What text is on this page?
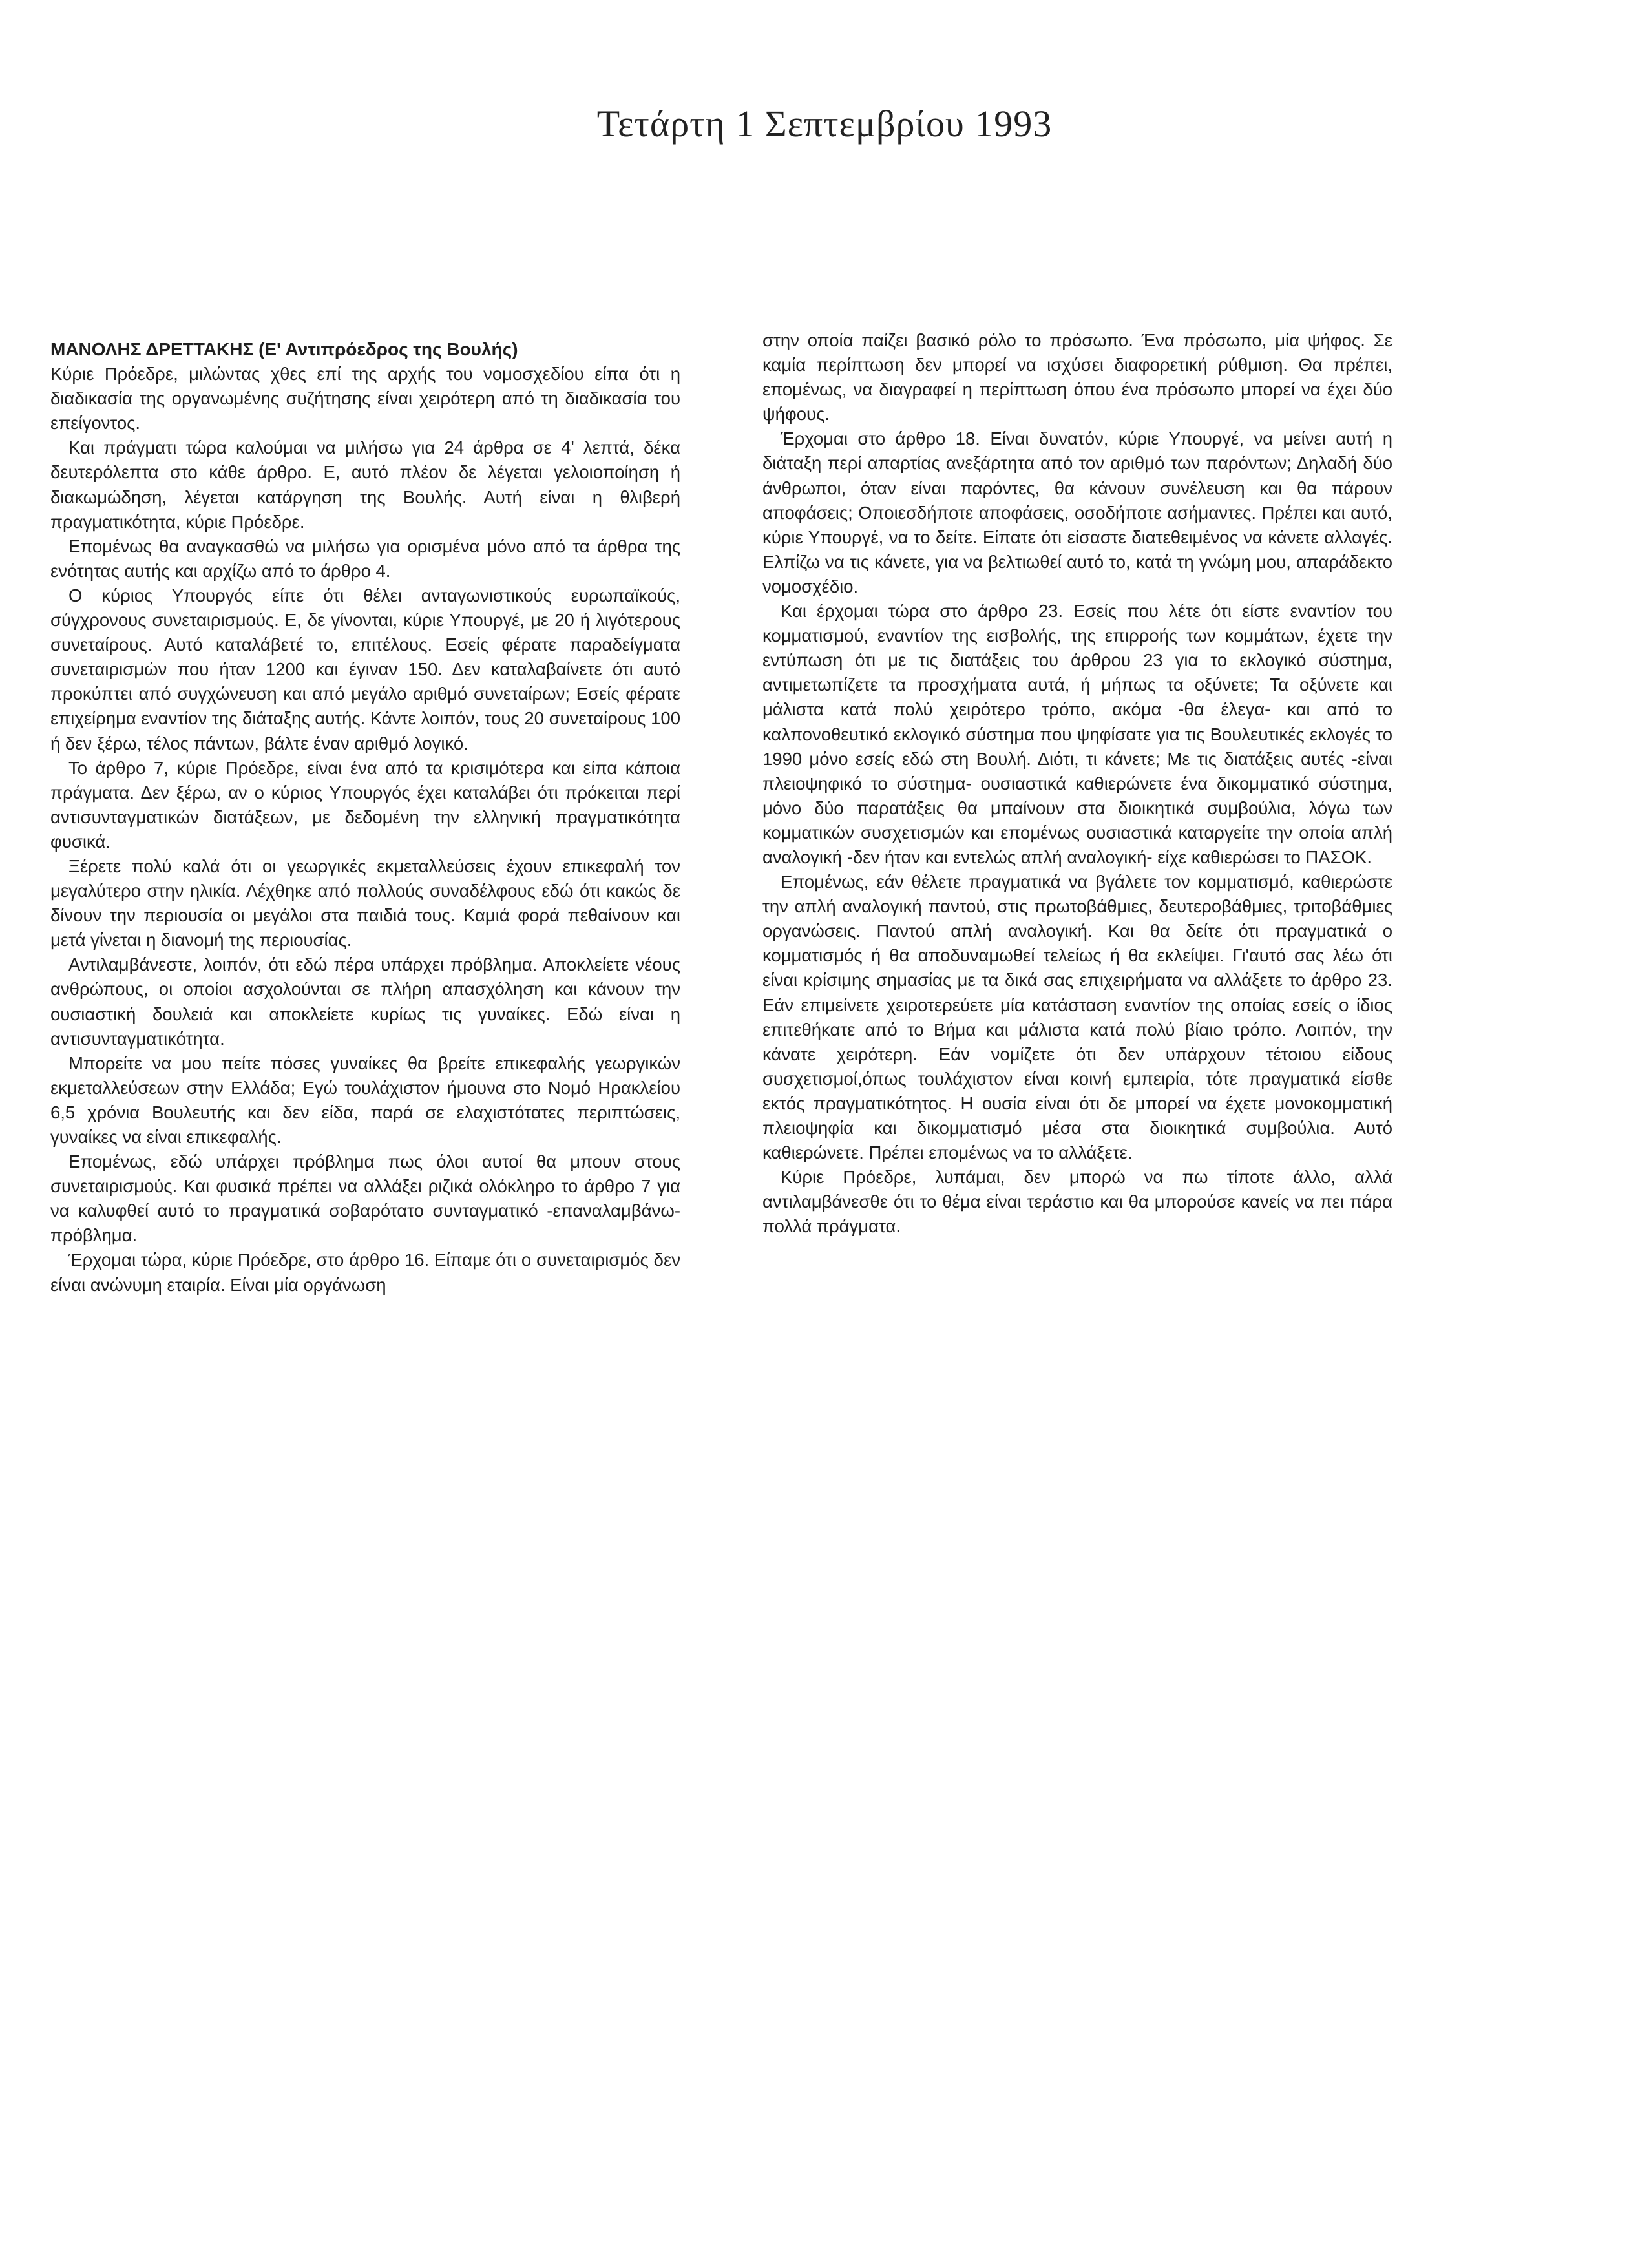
Τετάρτη 1 Σεπτεμβρίου 1993
ΜΑΝΟΛΗΣ ΔΡΕΤΤΑΚΗΣ (Ε' Αντιπρόεδρος της Βουλής)

Κύριε Πρόεδρε, μιλώντας χθες επί της αρχής του νομοσχεδίου είπα ότι η διαδικασία της οργανωμένης συζήτησης είναι χειρότερη από τη διαδικασία του επείγοντος.

Και πράγματι τώρα καλούμαι να μιλήσω για 24 άρθρα σε 4' λεπτά, δέκα δευτερόλεπτα στο κάθε άρθρο. Ε, αυτό πλέον δε λέγεται γελοιοποίηση ή διακωμώδηση, λέγεται κατάργηση της Βουλής. Αυτή είναι η θλιβερή πραγματικότητα, κύριε Πρόεδρε.

Επομένως θα αναγκασθώ να μιλήσω για ορισμένα μόνο από τα άρθρα της ενότητας αυτής και αρχίζω από το άρθρο 4.

Ο κύριος Υπουργός είπε ότι θέλει ανταγωνιστικούς ευρωπαϊκούς, σύγχρονους συνεταιρισμούς. Ε, δε γίνονται, κύριε Υπουργέ, με 20 ή λιγότερους συνεταίρους. Αυτό καταλάβετέ το, επιτέλους. Εσείς φέρατε παραδείγματα συνεταιρισμών που ήταν 1200 και έγιναν 150. Δεν καταλαβαίνετε ότι αυτό προκύπτει από συγχώνευση και από μεγάλο αριθμό συνεταίρων; Εσείς φέρατε επιχείρημα εναντίον της διάταξης αυτής. Κάντε λοιπόν, τους 20 συνεταίρους 100 ή δεν ξέρω, τέλος πάντων, βάλτε έναν αριθμό λογικό.

Το άρθρο 7, κύριε Πρόεδρε, είναι ένα από τα κρισιμότερα και είπα κάποια πράγματα. Δεν ξέρω, αν ο κύριος Υπουργός έχει καταλάβει ότι πρόκειται περί αντισυνταγματικών διατάξεων, με δεδομένη την ελληνική πραγματικότητα φυσικά.

Ξέρετε πολύ καλά ότι οι γεωργικές εκμεταλλεύσεις έχουν επικεφαλή τον μεγαλύτερο στην ηλικία. Λέχθηκε από πολλούς συναδέλφους εδώ ότι κακώς δε δίνουν την περιουσία οι μεγάλοι στα παιδιά τους. Καμιά φορά πεθαίνουν και μετά γίνεται η διανομή της περιουσίας.

Αντιλαμβάνεστε, λοιπόν, ότι εδώ πέρα υπάρχει πρόβλημα. Αποκλείετε νέους ανθρώπους, οι οποίοι ασχολούνται σε πλήρη απασχόληση και κάνουν την ουσιαστική δουλειά και αποκλείετε κυρίως τις γυναίκες. Εδώ είναι η αντισυνταγματικότητα.

Μπορείτε να μου πείτε πόσες γυναίκες θα βρείτε επικεφαλής γεωργικών εκμεταλλεύσεων στην Ελλάδα; Εγώ τουλάχιστον ήμουνα στο Νομό Ηρακλείου 6,5 χρόνια Βουλευτής και δεν είδα, παρά σε ελαχιστότατες περιπτώσεις, γυναίκες να είναι επικεφαλής.

Επομένως, εδώ υπάρχει πρόβλημα πως όλοι αυτοί θα μπουν στους συνεταιρισμούς. Και φυσικά πρέπει να αλλάξει ριζικά ολόκληρο το άρθρο 7 για να καλυφθεί αυτό το πραγματικά σοβαρότατο συνταγματικό -επαναλαμβάνω- πρόβλημα.

Έρχομαι τώρα, κύριε Πρόεδρε, στο άρθρο 16. Είπαμε ότι ο συνεταιρισμός δεν είναι ανώνυμη εταιρία. Είναι μία οργάνωση

στην οποία παίζει βασικό ρόλο το πρόσωπο. Ένα πρόσωπο, μία ψήφος. Σε καμία περίπτωση δεν μπορεί να ισχύσει διαφορετική ρύθμιση. Θα πρέπει, επομένως, να διαγραφεί η περίπτωση όπου ένα πρόσωπο μπορεί να έχει δύο ψήφους.

Έρχομαι στο άρθρο 18. Είναι δυνατόν, κύριε Υπουργέ, να μείνει αυτή η διάταξη περί απαρτίας ανεξάρτητα από τον αριθμό των παρόντων; Δηλαδή δύο άνθρωποι, όταν είναι παρόντες, θα κάνουν συνέλευση και θα πάρουν αποφάσεις; Οποιεσδήποτε αποφάσεις, οσοδήποτε ασήμαντες. Πρέπει και αυτό, κύριε Υπουργέ, να το δείτε. Είπατε ότι είσαστε διατεθειμένος να κάνετε αλλαγές. Ελπίζω να τις κάνετε, για να βελτιωθεί αυτό το, κατά τη γνώμη μου, απαράδεκτο νομοσχέδιο.

Και έρχομαι τώρα στο άρθρο 23. Εσείς που λέτε ότι είστε εναντίον του κομματισμού, εναντίον της εισβολής, της επιρροής των κομμάτων, έχετε την εντύπωση ότι με τις διατάξεις του άρθρου 23 για το εκλογικό σύστημα, αντιμετωπίζετε τα προσχήματα αυτά, ή μήπως τα οξύνετε; Τα οξύνετε και μάλιστα κατά πολύ χειρότερο τρόπο, ακόμα -θα έλεγα- και από το καλπονοθευτικό εκλογικό σύστημα που ψηφίσατε για τις Βουλευτικές εκλογές το 1990 μόνο εσείς εδώ στη Βουλή. Διότι, τι κάνετε; Με τις διατάξεις αυτές -είναι πλειοψηφικό το σύστημα- ουσιαστικά καθιερώνετε ένα δικομματικό σύστημα, μόνο δύο παρατάξεις θα μπαίνουν στα διοικητικά συμβούλια, λόγω των κομματικών συσχετισμών και επομένως ουσιαστικά καταργείτε την οποία απλή αναλογική -δεν ήταν και εντελώς απλή αναλογική- είχε καθιερώσει το ΠΑΣΟΚ.

Επομένως, εάν θέλετε πραγματικά να βγάλετε τον κομματισμό, καθιερώστε την απλή αναλογική παντού, στις πρωτοβάθμιες, δευτεροβάθμιες, τριτοβάθμιες οργανώσεις. Παντού απλή αναλογική. Και θα δείτε ότι πραγματικά ο κομματισμός ή θα αποδυναμωθεί τελείως ή θα εκλείψει. Γι'αυτό σας λέω ότι είναι κρίσιμης σημασίας με τα δικά σας επιχειρήματα να αλλάξετε το άρθρο 23. Εάν επιμείνετε χειροτερεύετε μία κατάσταση εναντίον της οποίας εσείς ο ίδιος επιτεθήκατε από το Βήμα και μάλιστα κατά πολύ βίαιο τρόπο. Λοιπόν, την κάνατε χειρότερη. Εάν νομίζετε ότι δεν υπάρχουν τέτοιου είδους συσχετισμοί,όπως τουλάχιστον είναι κοινή εμπειρία, τότε πραγματικά είσθε εκτός πραγματικότητος. Η ουσία είναι ότι δε μπορεί να έχετε μονοκομματική πλειοψηφία και δικομματισμό μέσα στα διοικητικά συμβούλια. Αυτό καθιερώνετε. Πρέπει επομένως να το αλλάξετε.

Κύριε Πρόεδρε, λυπάμαι, δεν μπορώ να πω τίποτε άλλο, αλλά αντιλαμβάνεσθε ότι το θέμα είναι τεράστιο και θα μπορούσε κανείς να πει πάρα πολλά πράγματα.
